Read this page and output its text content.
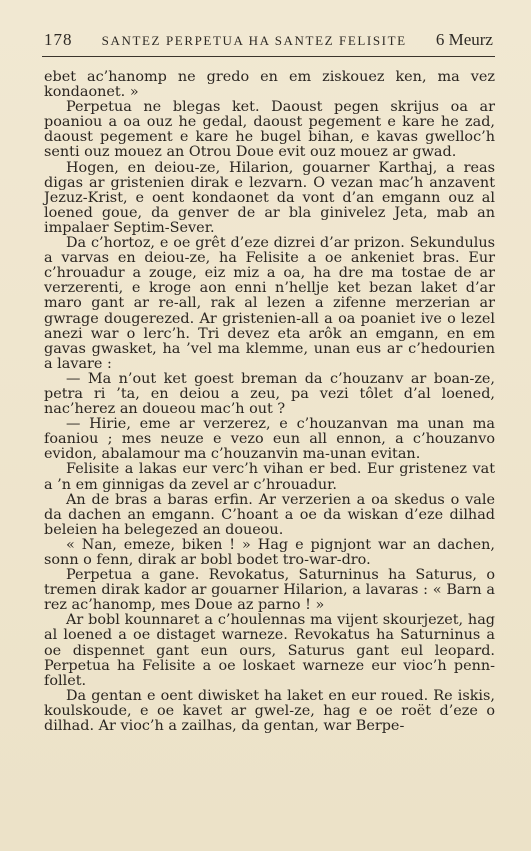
178 SANTEZ PERPETUA HA SANTEZ FELISITE 6 Meurz

ebet ac’hanomp ne gredo en em ziskouez ken, ma vez kondaonet. »

Perpetua ne blegas ket. Daoust pegen skrijus oa ar poaniou a oa ouz he gedal, daoust pegement e kare he zad, daoust pegement e kare he bugel bihan, e kavas gwelloc’h senti ouz mouez an Otrou Doue evit ouz mouez ar gwad.

Hogen, en deiou-ze, Hilarion, gouarner Karthaj, a reas digas ar gristenien dirak e lezvarn. O vezan mac’h anzavent Jezuz-Krist, e oent kondaonet da vont d’an emgann ouz al loened goue, da genver de ar bla ginivelez Jeta, mab an impalaer Septim-Sever.

Da c’hortoz, e oe grêt d’eze dizrei d’ar prizon. Sekundulus a varvas en deiou-ze, ha Felisite a oe ankeniet bras. Eur c’hrouadur a zouge, eiz miz a oa, ha dre ma tostae de ar verzerenti, e kroge aon enni n’hellje ket bezan laket d’ar maro gant ar re-all, rak al lezen a zifenne merzerian ar gwrage dougerezed. Ar gristenien-all a oa poaniet ive o lezel anezi war o lerc’h. Tri devez eta arôk an emgann, en em gavas gwasket, ha ’vel ma klemme, unan eus ar c’hedourien a lavare :

— Ma n’out ket goest breman da c’houzanv ar boan-ze, petra ri ’ta, en deiou a zeu, pa vezi tôlet d’al loened, nac’herez an doueou mac’h out ?

— Hirie, eme ar verzerez, e c’houzanvan ma unan ma foaniou ; mes neuze e vezo eun all ennon, a c’houzanvo evidon, abalamour ma c’houzanvin ma-unan evitan.

Felisite a lakas eur verc’h vihan er bed. Eur gristenez vat a ’n em ginnigas da zevel ar c’hrouadur.

An de bras a baras erfin. Ar verzerien a oa skedus o vale da dachen an emgann. C’hoant a oe da wiskan d’eze dilhad beleien ha belegezed an doueou.

« Nan, emeze, biken ! » Hag e pignjont war an dachen, sonn o fenn, dirak ar bobl bodet tro-war-dro.

Perpetua a gane. Revokatus, Saturninus ha Saturus, o tremen dirak kador ar gouarner Hilarion, a lavaras : « Barn a rez ac’hanomp, mes Doue az parno ! »

Ar bobl kounnaret a c’houlennas ma vijent skourjezet, hag al loened a oe distaget warneze. Revokatus ha Saturninus a oe dispennet gant eun ours, Saturus gant eul leopard. Perpetua ha Felisite a oe loskaet warneze eur vioc’h penn-follet.

Da gentan e oent diwisket ha laket en eur roued. Re iskis, koulskoude, e oe kavet ar gwel-ze, hag e oe roët d’eze o dilhad. Ar vioc’h a zailhas, da gentan, war Berpe-
